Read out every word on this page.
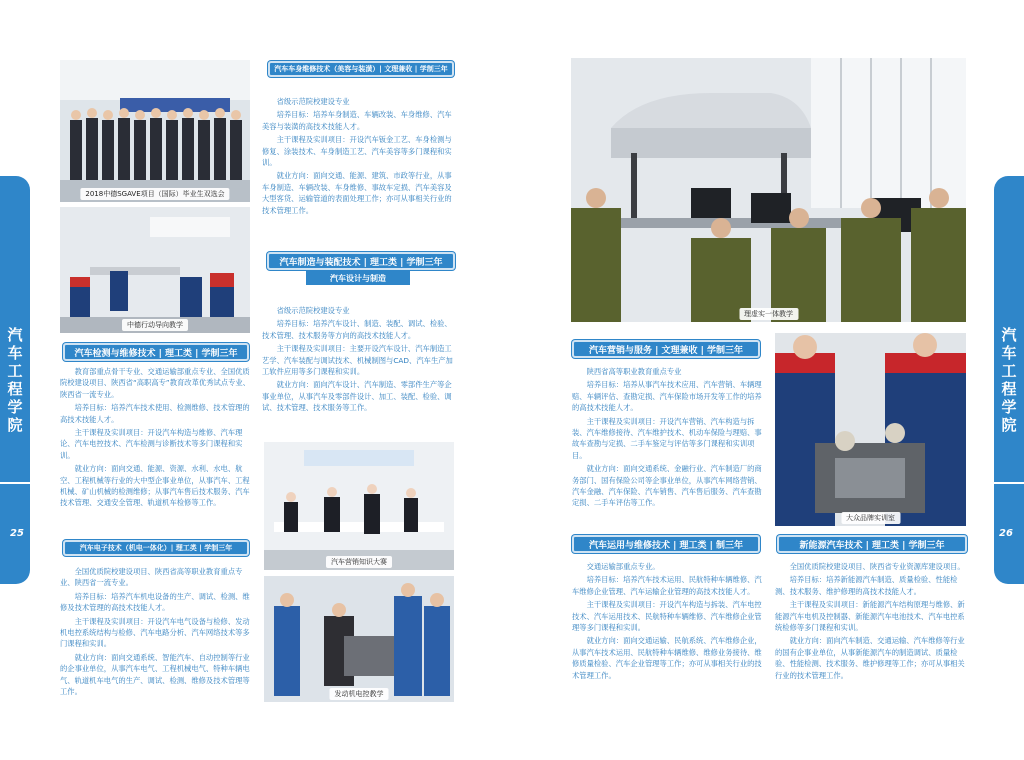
汽车工程学院
25
汽车工程学院
26
2018中德SGAVE项目（国际）毕业生双选会
中德行动导向教学
汽车检测与维修技术 | 理工类 | 学制三年

教育部重点骨干专业、交通运输部重点专业、全国优质院校建设项目、陕西省“高职高专”教育改革优秀试点专业、陕西省一流专业。

培养目标：培养汽车技术使用、检测维修、技术管理的高技术技能人才。

主干课程及实训项目：开设汽车构造与维修、汽车理论、汽车电控技术、汽车检测与诊断技术等多门课程和实训。

就业方向：面向交通、能源、资源、水利、水电、航空、工程机械等行业的大中型企事业单位，从事汽车、工程机械、矿山机械的检测维修；从事汽车售后技术服务、汽车技术管理、交通安全管理、轨道机车检修等工作。

汽车电子技术（机电一体化）| 理工类 | 学制三年

全国优质院校建设项目、陕西省高等职业教育重点专业、陕西省一流专业。

培养目标：培养汽车机电设备的生产、调试、检测、维修及技术管理的高技术技能人才。

主干课程及实训项目：开设汽车电气设备与检修、发动机电控系统结构与检修、汽车电路分析、汽车网络技术等多门课程和实训。

就业方向：面向交通系统、智能汽车、自动控制等行业的企事业单位，从事汽车电气、工程机械电气、特种车辆电气、轨道机车电气的生产、调试、检测、维修及技术管理等工作。

汽车车身维修技术（美容与装潢）| 文理兼收 | 学制三年

省级示范院校建设专业

培养目标：培养车身制造、车辆改装、车身维修、汽车美容与装潢的高技术技能人才。

主干课程及实训项目：开设汽车钣金工艺、车身检测与修复、涂装技术、车身制造工艺、汽车美容等多门课程和实训。

就业方向：面向交通、能源、建筑、市政等行业，从事车身制造、车辆改装、车身维修、事故车定损、汽车美容及大型客货、运输管道的表面处理工作；亦可从事相关行业的技术管理工作。

汽车制造与装配技术 | 理工类 | 学制三年
汽车设计与制造

省级示范院校建设专业

培养目标：培养汽车设计、制造、装配、调试、检验、技术管理、技术服务等方向的高技术技能人才。

主干课程及实训项目：主要开设汽车设计、汽车制造工艺学、汽车装配与调试技术、机械制图与CAD、汽车生产加工软件应用等多门课程和实训。

就业方向：面向汽车设计、汽车制造、零部件生产等企事业单位，从事汽车及零部件设计、加工、装配、检验、调试、技术管理、技术服务等工作。

汽车营销知识大赛
发动机电控教学
理虚实一体教学
汽车营销与服务 | 文理兼收 | 学制三年

陕西省高等职业教育重点专业

培养目标：培养从事汽车技术应用、汽车营销、车辆理赔、车辆评估、查勘定损、汽车保险市场开发等工作的培养的高技术技能人才。

主干课程及实训项目：开设汽车营销、汽车构造与拆装、汽车维修接待、汽车维护技术、机动车保险与理赔、事故车查勘与定损、二手车鉴定与评估等多门课程和实训项目。

就业方向：面向交通系统、金融行业、汽车制造厂的商务部门、国有保险公司等企事业单位，从事汽车网络营销、汽车金融、汽车保险、汽车销售、汽车售后服务、汽车查勘定损、二手车评估等工作。

大众品牌实训室
汽车运用与维修技术 | 理工类 | 制三年

交通运输部重点专业。

培养目标：培养汽车技术运用、民航特种车辆维修、汽车维修企业管理、汽车运输企业管理的高技术技能人才。

主干课程及实训项目：开设汽车构造与拆装、汽车电控技术、汽车运用技术、民航特种车辆维修、汽车维修企业管理等多门课程和实训。

就业方向：面向交通运输、民航系统、汽车维修企业，从事汽车技术运用、民航特种车辆维修、维修业务接待、维修质量检验、汽车企业管理等工作；亦可从事相关行业的技术管理工作。

新能源汽车技术 | 理工类 | 学制三年

全国优质院校建设项目、陕西省专业资源库建设项目。

培养目标：培养新能源汽车制造、质量检验、性能检测、技术服务、维护修理的高技术技能人才。

主干课程及实训项目：新能源汽车结构原理与维修、新能源汽车电机及控制器、新能源汽车电池技术、汽车电控系统检修等多门课程和实训。

就业方向：面向汽车制造、交通运输、汽车维修等行业的国有企事业单位，从事新能源汽车的制造调试、质量检验、性能检测、技术服务、维护修理等工作；亦可从事相关行业的技术管理工作。
